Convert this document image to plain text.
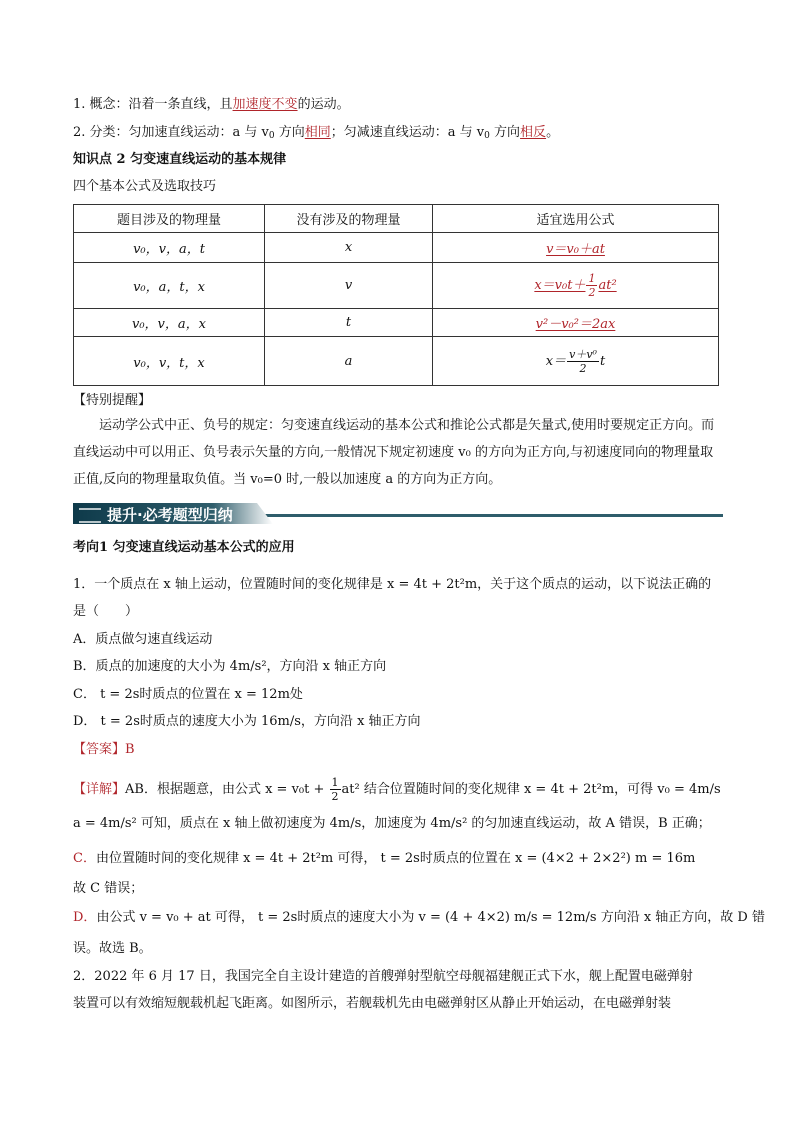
1. 概念：沿着一条直线，且加速度不变的运动。
2. 分类：匀加速直线运动：a 与 $v_0$ 方向相同；匀减速直线运动：a 与 $v_0$ 方向相反。
知识点 2 匀变速直线运动的基本规律
四个基本公式及选取技巧
题目涉及的物理量	没有涉及的物理量	适宜选用公式
v₀，v，a，t	x	v＝v₀＋at
v₀，a，t，x	v	$x=v_0t+ \frac{1}{2} at^2$
v₀，v，a，x	t	v²－v₀²＝2ax
v₀，v，t，x	a	$x= \frac{\text{v＋v⁰}}{2}$ t
【特别提醒】
运动学公式中正、负号的规定：匀变速直线运动的基本公式和推论公式都是矢量式,使用时要规定正方向。而直线运动中可以用正、负号表示矢量的方向,一般情况下规定初速度 v₀ 的方向为正方向,与初速度同向的物理量取正值,反向的物理量取负值。当 v₀=0 时,一般以加速度 a 的方向为正方向。
提升·必考题型归纳
考向1 匀变速直线运动基本公式的应用
1．一个质点在 x 轴上运动，位置随时间的变化规律是 x = 4t + 2t²m，关于这个质点的运动，以下说法正确的
是（　　）
A．质点做匀速直线运动
B．质点的加速度的大小为 4m/s²，方向沿 x 轴正方向
C． t = 2s时质点的位置在 x = 12m处
D． t = 2s时质点的速度大小为 16m/s，方向沿 x 轴正方向
【答案】B
【详解】AB．根据题意，由公式 $x = v_0t + \frac{1}{2} at^2$ 结合位置随时间的变化规律 x = 4t + 2t²m，可得 v₀ = 4m/s
a = 4m/s² 可知，质点在 x 轴上做初速度为 4m/s，加速度为 4m/s² 的匀加速直线运动，故 A 错误，B 正确；
C．由位置随时间的变化规律 x = 4t + 2t²m 可得， t = 2s时质点的位置在 x = (4×2 + 2×2²) m = 16m
故 C 错误；
D．由公式 v = v₀ + at 可得， t = 2s时质点的速度大小为 v = (4 + 4×2) m/s = 12m/s 方向沿 x 轴正方向，故 D 错
误。故选 B。
2．2022 年 6 月 17 日，我国完全自主设计建造的首艘弹射型航空母舰福建舰正式下水，舰上配置电磁弹射
装置可以有效缩短舰载机起飞距离。如图所示，若舰载机先由电磁弹射区从静止开始运动，在电磁弹射装
